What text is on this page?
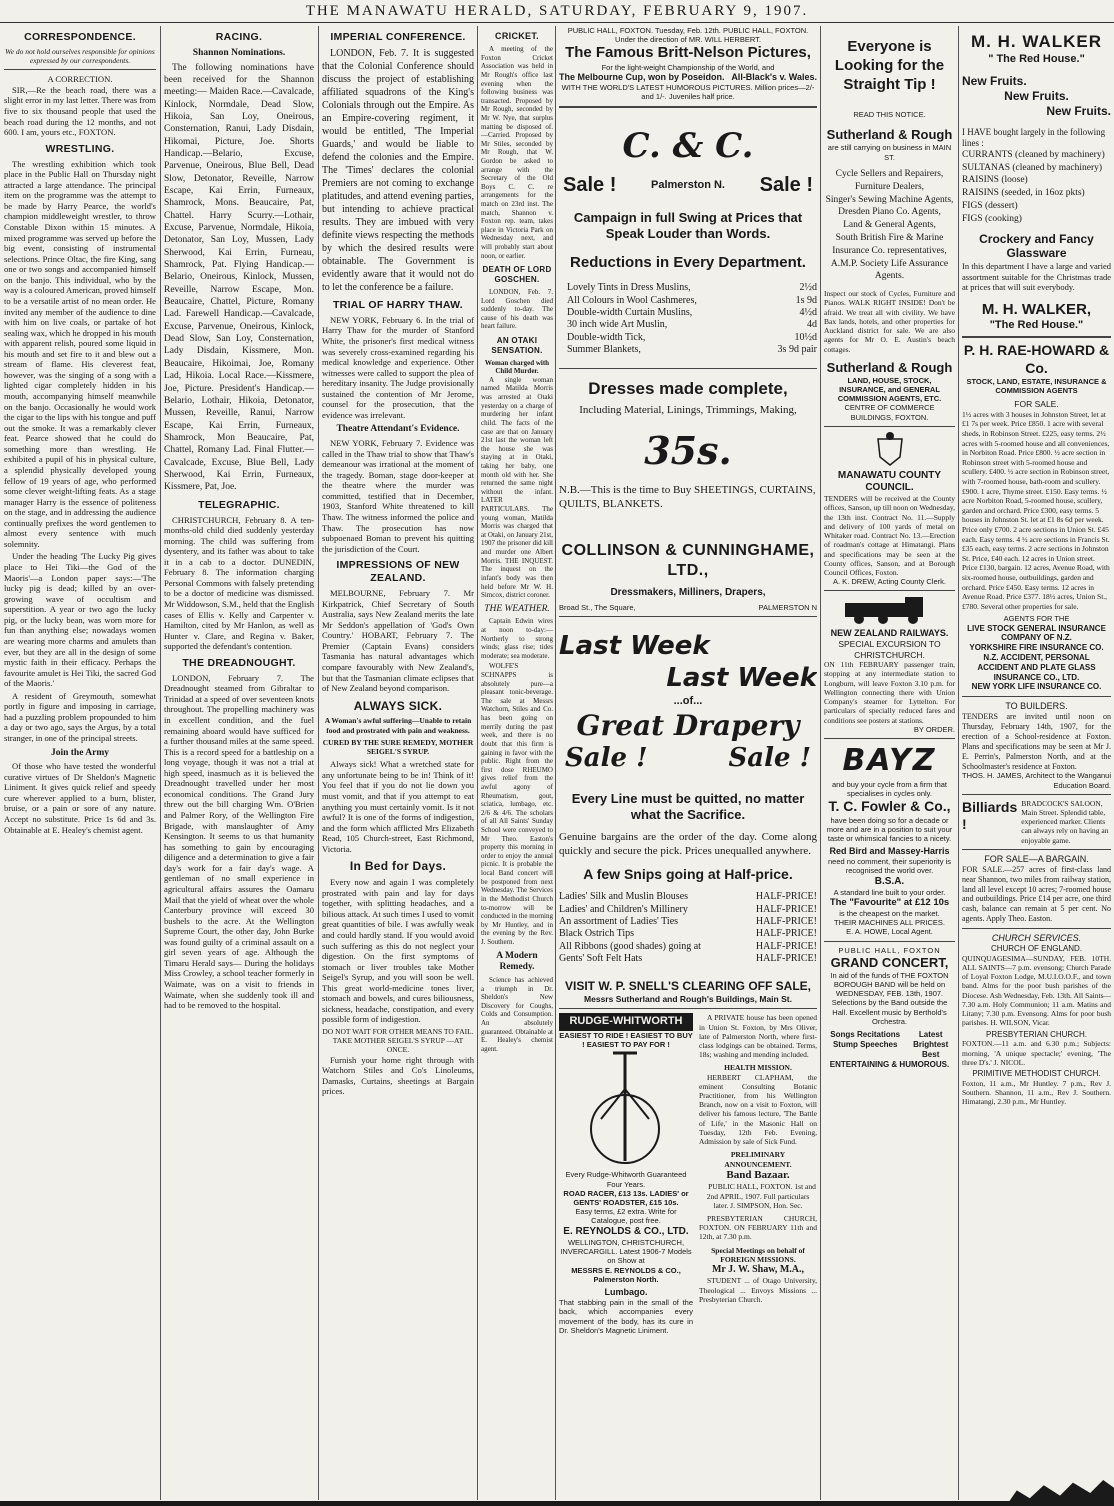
THE MANAWATU HERALD, SATURDAY, FEBRUARY 9, 1907.
CORRESPONDENCE.
We do not hold ourselves responsible for opinions expressed by our correspondents.
A CORRECTION.

SIR,—Re the beach road, there was a slight error in my last letter. There was from five to six thousand people that used the beach road during the 12 months, and not 600. I am, yours etc., FOXTON.

WRESTLING.

The wrestling exhibition which took place in the Public Hall on Thursday night attracted a large attendance. The principal item on the programme was the attempt to be made by Harry Pearce, the world's champion middleweight wrestler, to throw Constable Dixon within 15 minutes. A mixed programme was served up before the big event, consisting of instrumental selections. Prince Oltac, the fire King, sang one or two songs and accompanied himself on the banjo. This individual, who by the way is a coloured American, proved himself to be a versatile artist of no mean order. He invited any member of the audience to dine with him on live coals, or partake of hot sealing wax, which he dropped in his mouth with apparent relish, poured some liquid in his mouth and set fire to it and blew out a stream of flame. His cleverest feat, however, was the singing of a song with a lighted cigar completely hidden in his mouth, accompanying himself meanwhile on the banjo. Occasionally he would work the cigar to the lips with his tongue and puff out the smoke. It was a remarkably clever feat. Pearce showed that he could do something more than wrestling. He exhibited a pupil of his in physical culture, a splendid physically developed young fellow of 19 years of age, who performed some clever weight-lifting feats. As a stage manager Harry is the essence of politeness on the stage, and in addressing the audience continually prefixes the word gentlemen to almost every sentence with much solemnity.

Under the heading 'The Lucky Pig gives place to Hei Tiki—the God of the Maoris'—a London paper says:—'The lucky pig is dead; killed by an over-growing wave of occultism and superstition. A year or two ago the lucky pig, or the lucky bean, was worn more for fun than anything else; nowadays women are wearing more charms and amulets than ever, but they are all in the design of some mystic faith in their efficacy. Perhaps the favourite amulet is Hei Tiki, the sacred God of the Maoris.'

A resident of Greymouth, somewhat portly in figure and imposing in carriage, had a puzzling problem propounded to him a day or two ago, says the Argus, by a total stranger, in one of the principal streets.

Join the Army

Of those who have tested the wonderful curative virtues of Dr Sheldon's Magnetic Liniment. It gives quick relief and speedy cure wherever applied to a burn, blister, bruise, or a pain or sore of any nature. Accept no substitute. Price 1s 6d and 3s. Obtainable at E. Healey's chemist agent.

RACING.
Shannon Nominations.

The following nominations have been received for the Shannon meeting:— Maiden Race.—Cavalcade, Kinlock, Normdale, Dead Slow, Hikoia, San Loy, Oneirous, Consternation, Ranui, Lady Disdain, Hikomai, Picture, Joe. Shorts Handicap.—Belario, Excuse, Parvenue, Oneirous, Blue Bell, Dead Slow, Detonator, Reveille, Narrow Escape, Kai Errin, Furneaux, Shamrock, Mons. Beaucaire, Pat, Chattel. Harry Scurry.—Lothair, Excuse, Parvenue, Normdale, Hikoia, Detonator, San Loy, Mussen, Lady Sherwood, Kai Errin, Furneau, Shamrock, Pat. Flying Handicap.—Belario, Oneirous, Kinlock, Mussen, Reveille, Narrow Escape, Mon. Beaucaire, Chattel, Picture, Romany Lad. Farewell Handicap.—Cavalcade, Excuse, Parvenue, Oneirous, Kinlock, Dead Slow, San Loy, Consternation, Lady Disdain, Kissmere, Mon. Beaucaire, Hikoimai, Joe, Romany Lad, Hikoia. Local Race.—Kissmere, Joe, Picture. President's Handicap.—Belario, Lothair, Hikoia, Detonator, Mussen, Reveille, Ranui, Narrow Escape, Kai Errin, Furneaux, Shamrock, Mon Beaucaire, Pat, Chattel, Romany Lad. Final Flutter.—Cavalcade, Excuse, Blue Bell, Lady Sherwood, Kai Errin, Furneaux, Kissmere, Pat, Joe.

TELEGRAPHIC.

CHRISTCHURCH, February 8. A ten-months-old child died suddenly yesterday morning. The child was suffering from dysentery, and its father was about to take it in a cab to a doctor. DUNEDIN, February 8. The information charging Personal Commons with falsely pretending to be a doctor of medicine was dismissed. Mr Widdowson, S.M., held that the English cases of Ellis v. Kelly and Carpenter v. Hamilton, cited by Mr Hanlon, as well as Hunter v. Clare, and Regina v. Baker, supported the defendant's contention.

THE DREADNOUGHT.

LONDON, February 7. The Dreadnought steamed from Gibraltar to Trinidad at a speed of over seventeen knots throughout. The propelling machinery was in excellent condition, and the fuel remaining aboard would have sufficed for a further thousand miles at the same speed. This is a record speed for a battleship on a long voyage, though it was not a trial at high speed, inasmuch as it is believed the Dreadnought travelled under her most economical conditions. The Grand Jury threw out the bill charging Wm. O'Brien and Palmer Rory, of the Wellington Fire Brigade, with manslaughter of Amy Kensington. It seems to us that humanity has something to gain by encouraging diligence and a determination to give a fair day's work for a fair day's wage. A gentleman of no small experience in agricultural affairs assures the Oamaru Mail that the yield of wheat over the whole Canterbury province will exceed 30 bushels to the acre. At the Wellington Supreme Court, the other day, John Burke was found guilty of a criminal assault on a girl seven years of age. Although the Timaru Herald says— During the holidays Miss Crowley, a school teacher formerly in Waimate, was on a visit to friends in Waimate, when she suddenly took ill and had to be removed to the hospital.

IMPERIAL CONFERENCE.

LONDON, Feb. 7. It is suggested that the Colonial Conference should discuss the project of establishing affiliated squadrons of the King's Colonials through out the Empire. As an Empire-covering regiment, it would be entitled, 'The Imperial Guards,' and would be liable to defend the colonies and the Empire. The 'Times' declares the colonial Premiers are not coming to exchange platitudes, and attend evening parties, but intending to achieve practical results. They are imbued with very definite views respecting the methods by which the desired results were obtainable. The Government is evidently aware that it would not do to let the conference be a failure.

TRIAL OF HARRY THAW.

NEW YORK, February 6. In the trial of Harry Thaw for the murder of Stanford White, the prisoner's first medical witness was severely cross-examined regarding his medical knowledge and experience. Other witnesses were called to support the plea of hereditary insanity. The Judge provisionally sustained the contention of Mr Jerome, counsel for the prosecution, that the evidence was irrelevant.

Theatre Attendant's Evidence.

NEW YORK, February 7. Evidence was called in the Thaw trial to show that Thaw's demeanour was irrational at the moment of the tragedy. Boman, stage door-keeper at the theatre where the murder was committed, testified that in December, 1903, Stanford White threatened to kill Thaw. The witness informed the police and Thaw. The prosecution has now subpoenaed Boman to prevent his quitting the jurisdiction of the Court.

IMPRESSIONS OF NEW ZEALAND.

MELBOURNE, February 7. Mr Kirkpatrick, Chief Secretary of South Australia, says New Zealand merits the late Mr Seddon's appellation of 'God's Own Country.' HOBART, February 7. The Premier (Captain Evans) considers Tasmania has natural advantages which compare favourably with New Zealand's, but that the Tasmanian climate eclipses that of New Zealand beyond comparison.

ALWAYS SICK.
A Woman's awful suffering—Unable to retain food and prostrated with pain and weakness.
CURED BY THE SURE REMEDY, MOTHER SEIGEL'S SYRUP.

Always sick! What a wretched state for any unfortunate being to be in! Think of it! You feel that if you do not lie down you must vomit, and that if you attempt to eat anything you must certainly vomit. Is it not awful? It is one of the forms of indigestion, and the form which afflicted Mrs Elizabeth Read, 105 Church-street, East Richmond, Victoria.

In Bed for Days.

Every now and again I was completely prostrated with pain and lay for days together, with splitting headaches, and a bilious attack. At such times I used to vomit great quantities of bile. I was awfully weak and could hardly stand. If you would avoid such suffering as this do not neglect your digestion. On the first symptoms of stomach or liver troubles take Mother Seigel's Syrup, and you will soon be well. This great world-medicine tones liver, stomach and bowels, and cures biliousness, sickness, headache, constipation, and every possible form of indigestion.

DO NOT WAIT FOR OTHER MEANS TO FAIL. TAKE MOTHER SEIGEL'S SYRUP —AT ONCE.

Furnish your home right through with Watchorn Stiles and Co's Linoleums, Damasks, Curtains, sheetings at Bargain prices.

CRICKET.

A meeting of the Foxton Cricket Association was held in Mr Rough's office last evening when the following business was transacted. Proposed by Mr Rough, seconded by Mr W. Nye, that surplus matting be disposed of.—Carried. Proposed by Mr Stiles, seconded by Mr Rough, that W. Gordon be asked to arrange with the Secretary of the Old Boys C. C. re arrangements for the match on 23rd inst. The match, Shannon v. Foxton rep. team, takes place in Victoria Park on Wednesday next, and will probably start about noon, or earlier.

DEATH OF LORD GOSCHEN.

LONDON, Feb. 7. Lord Goschen died suddenly to-day. The cause of his death was heart failure.

AN OTAKI SENSATION.
Woman charged with Child Murder.

A single woman named Matilda Morris was arrested at Otaki yesterday on a charge of murdering her infant child. The facts of the case are that on January 21st last the woman left the house she was staying at in Otaki, taking her baby, one month old with her. She returned the same night without the infant. LATER PARTICULARS. The young woman, Matilda Morris was charged that at Otaki, on January 21st, 1907 the prisoner did kill and murder one Albert Morris. THE INQUEST. The inquest on the infant's body was then held before Mr W. H. Simcox, district coroner.

THE WEATHER.

Captain Edwin wires at noon to-day:— Northerly to strong winds; glass rise; tides moderate; sea moderate.

WOLFE'S SCHNAPPS is absolutely pure—a pleasant tonic-beverage. The sale at Messrs Watchorn, Stiles and Co. has been going on merrily during the past week, and there is no doubt that this firm is gaining in favor with the public. Right from the first dose RHEUMO gives relief from the awful agony of Rheumatism, gout, sciatica, lumbago, etc. 2/6 & 4/6. The scholars of all All Saints' Sunday School were conveyed to Mr Theo. Easton's property this morning in order to enjoy the annual picnic. It is probable the local Band concert will be postponed from next Wednesday. The Services in the Methodist Church to-morrow will be conducted in the morning by Mr Huntley, and in the evening by the Rev. J. Southern.

A Modern Remedy.

Science has achieved a triumph in Dr. Sheldon's New Discovery for Coughs, Colds and Consumption. An absolutely guaranteed. Obtainable at E. Healey's chemist agent.

PUBLIC HALL, FOXTON. Tuesday, Feb. 12th. PUBLIC HALL, FOXTON.
Under the direction of MR. WILL HERBERT.
The Famous Britt-Nelson Pictures,
For the light-weight Championship of the World, and
The Melbourne Cup, won by Poseidon. All-Black's v. Wales.
WITH THE WORLD'S LATEST HUMOROUS PICTURES. Million prices—2/- and 1/-. Juveniles half price.
C. & C.
Sale !	Palmerston N. Sale !
Campaign in full Swing at Prices that Speak Louder than Words.
Reductions in Every Department.
Lovely Tints in Dress Muslins,	2½d
All Colours in Wool Cashmeres,	1s 9d
Double-width Curtain Muslins,	4½d
30 inch wide Art Muslin,	4d
Double-width Tick,	10½d
Summer Blankets,	3s 9d pair
Dresses made complete,
Including Material, Linings, Trimmings, Making,
35s.
N.B.—This is the time to Buy SHEETINGS, CURTAINS, QUILTS, BLANKETS.
COLLINSON & CUNNINGHAME, LTD.,
Dressmakers, Milliners, Drapers,
Broad St., The Square,	PALMERSTON N
Last Week
Last Week
...of...
Great Drapery
Sale !	Sale !
Every Line must be quitted, no matter what the Sacrifice.
Genuine bargains are the order of the day. Come along quickly and secure the pick. Prices unequalled anywhere.
A few Snips going at Half-price.
Ladies' Silk and Muslin Blouses	HALF-PRICE!
Ladies' and Children's Millinery	HALF-PRICE!
An assortment of Ladies' Ties	HALF-PRICE!
Black Ostrich Tips	HALF-PRICE!
All Ribbons (good shades) going at	HALF-PRICE!
Gents' Soft Felt Hats	HALF-PRICE!
VISIT W. P. SNELL'S CLEARING OFF SALE,
Messrs Sutherland and Rough's Buildings, Main St.
RUDGE-WHITWORTH
EASIEST TO RIDE ! EASIEST TO BUY ! EASIEST TO PAY FOR !
Every Rudge-Whitworth Guaranteed Four Years.
ROAD RACER, £13 13s. LADIES' or GENTS' ROADSTER, £15 10s.
Easy terms, £2 extra. Write for Catalogue, post free.
E. REYNOLDS & CO., LTD.
WELLINGTON, CHRISTCHURCH, INVERCARGILL. Latest 1906-7 Models on Show at
MESSRS E. REYNOLDS & CO., Palmerston North.
Lumbago.
That stabbing pain in the small of the back, which accompanies every movement of the body, has its cure in Dr. Sheldon's Magnetic Liniment.

A PRIVATE house has been opened in Union St. Foxton, by Mrs Oliver, late of Palmerston North, where first-class lodgings can be obtained. Terms, 18s; washing and mending included.

HEALTH MISSION.

HERBERT CLAPHAM, the eminent Consulting Botanic Practitioner, from his Wellington Branch, now on a visit to Foxton, will deliver his famous lecture, 'The Battle of Life,' in the Masonic Hall on Tuesday, 12th Feb. Evening, Admission by sale of Sick Fund.

PRELIMINARY ANNOUNCEMENT.
Band Bazaar.

PUBLIC HALL, FOXTON. 1st and 2nd APRIL, 1907. Full particulars later. J. SIMPSON, Hon. Sec.

PRESBYTERIAN CHURCH, FOXTON. ON FEBRUARY 11th and 12th, at 7.30 p.m.

Special Meetings on behalf of FOREIGN MISSIONS.
Mr J. W. Shaw, M.A.,

STUDENT ... of Otago University, Theological ... Envoys Missions ... Presbyterian Church.

Everyone is Looking for the Straight Tip !
READ THIS NOTICE.
Sutherland & Rough
are still carrying on business in MAIN ST.
Cycle Sellers and Repairers, Furniture Dealers,
Singer's Sewing Machine Agents,
Dresden Piano Co. Agents,
Land & General Agents,
South British Fire & Marine Insurance Co. representatives,
A.M.P. Society Life Assurance Agents.
Inspect our stock of Cycles, Furniture and Pianos. WALK RIGHT INSIDE! Don't be afraid. We treat all with civility. We have Bax lands, hotels, and other properties for Auckland district for sale. We are also agents for Mr O. E. Austin's beach cottages.
Sutherland & Rough
LAND, HOUSE, STOCK, INSURANCE, and GENERAL COMMISSION AGENTS, ETC.
CENTRE OF COMMERCE BUILDINGS, FOXTON.
MANAWATU COUNTY COUNCIL.
TENDERS will be received at the County offices, Sanson, up till noon on Wednesday, the 13th inst. Contract No. 11.—Supply and delivery of 100 yards of metal on Whitaker road. Contract No. 13.—Erection of roadman's cottage at Himatangi. Plans and specifications may be seen at the County offices, Sanson, and at Borough Council Offices, Foxton.
A. K. DREW, Acting County Clerk.
NEW ZEALAND RAILWAYS.
SPECIAL EXCURSION TO CHRISTCHURCH.
ON 11th FEBRUARY passenger train, stopping at any intermediate station to Longburn, will leave Foxton 3.10 p.m. for Wellington connecting there with Union Company's steamer for Lyttelton. For particulars of specially reduced fares and conditions see posters at stations.
BY ORDER.
BAYZ
and buy your cycle from a firm that specialises in cycles only.
T. C. Fowler & Co.,
have been doing so for a decade or more and are in a position to suit your taste or whimsical fancies to a nicety.
Red Bird and Massey-Harris
need no comment, their superiority is recognised the world over.
B.S.A.
A standard line built to your order.
The "Favourite" at £12 10s
is the cheapest on the market.
THEIR MACHINES ALL PRICES.
E. A. HOWE, Local Agent.
PUBLIC HALL, FOXTON
GRAND CONCERT,
In aid of the funds of THE FOXTON BOROUGH BAND will be held on WEDNESDAY, FEB. 13th, 1907. Selections by the Band outside the Hall. Excellent music by Berthold's Orchestra.
Songs Recitations Stump Speeches
Latest Brightest Best
ENTERTAINING & HUMOROUS.
M. H. WALKER
" The Red House."
New Fruits.
New Fruits.
New Fruits.
I HAVE bought largely in the following lines :
CURRANTS (cleaned by machinery)
SULTANAS (cleaned by machinery)
RAISINS (loose)
RAISINS (seeded, in 16oz pkts)
FIGS (dessert)
FIGS (cooking)
Crockery and Fancy Glassware
In this department I have a large and varied assortment suitable for the Christmas trade at prices that will suit everybody.
M. H. WALKER,
"The Red House."
P. H. RAE-HOWARD & Co.
STOCK, LAND, ESTATE, INSURANCE & COMMISSION AGENTS
FOR SALE.
1½ acres with 3 houses in Johnston Street, let at £1 7s per week. Price £850. 1 acre with several sheds, in Robinson Street. £225, easy terms. 2½ acres with 5-roomed house and all conveniences, in Norbiton Road. Price £800. ½ acre section in Robinson street with 5-roomed house and scullery. £400. ½ acre section in Robinson street, with 7-roomed house, bath-room and scullery. £900. 1 acre, Thyme street. £150. Easy terms. ½ acre Norbiton Road, 5-roomed house, scullery, garden and orchard. Price £300, easy terms. 5 houses in Johnston St. let at £1 8s 6d per week. Price only £700. 2 acre sections in Union St. £45 each. Easy terms. 4 ½ acre sections in Francis St. £35 each, easy terms. 2 acre sections in Johnston St. Price, £40 each. 12 acres in Union street. Price £130, bargain. 12 acres, Avenue Road, with six-roomed house, outbuildings, garden and orchard. Price £450. Easy terms. 12 acres in Avenue Road. Price £377. 18½ acres, Union St., £780. Several other properties for sale.
AGENTS FOR THE
LIVE STOCK GENERAL INSURANCE COMPANY OF N.Z.
YORKSHIRE FIRE INSURANCE CO.
N.Z. ACCIDENT, PERSONAL ACCIDENT AND PLATE GLASS INSURANCE CO., LTD.
NEW YORK LIFE INSURANCE CO.
TO BUILDERS.
TENDERS are invited until noon on Thursday, February 14th, 1907, for the erection of a School-residence at Foxton. Plans and specifications may be seen at Mr J. E. Perrin's, Palmerston North, and at the Schoolmaster's residence at Foxton.
THOS. H. JAMES, Architect to the Wanganui Education Board.
Billiards !
BRADCOCK'S SALOON, Main Street. Splendid table, experienced marker. Clients can always rely on having an enjoyable game.
FOR SALE—A BARGAIN.
FOR SALE.—257 acres of first-class land near Shannon, two miles from railway station, land all level except 10 acres; 7-roomed house and outbuildings. Price £14 per acre, one third cash, balance can remain at 5 per cent. No agents. Apply Theo. Easton.
CHURCH SERVICES.
CHURCH OF ENGLAND.
QUINQUAGESIMA—SUNDAY, FEB. 10TH. ALL SAINTS—7 p.m. evensong; Church Parade of Loyal Foxton Lodge, M.U.I.O.O.F., and town band. Alms for the poor bush parishes of the Diocese. Ash Wednesday, Feb. 13th. All Saints—7.30 a.m. Holy Communion; 11 a.m. Matins and Litany; 7.30 p.m. Evensong. Alms for poor bush parishes. H. WILSON, Vicar.
PRESBYTERIAN CHURCH.
FOXTON.—11 a.m. and 6.30 p.m.; Subjects: morning, 'A unique spectacle;' evening, 'The three D's.' J. NICOL.
PRIMITIVE METHODIST CHURCH.
Foxton, 11 a.m., Mr Huntley. 7 p.m., Rev J. Southern. Shannon, 11 a.m., Rev J. Southern. Himatangi, 2.30 p.m., Mr Huntley.
